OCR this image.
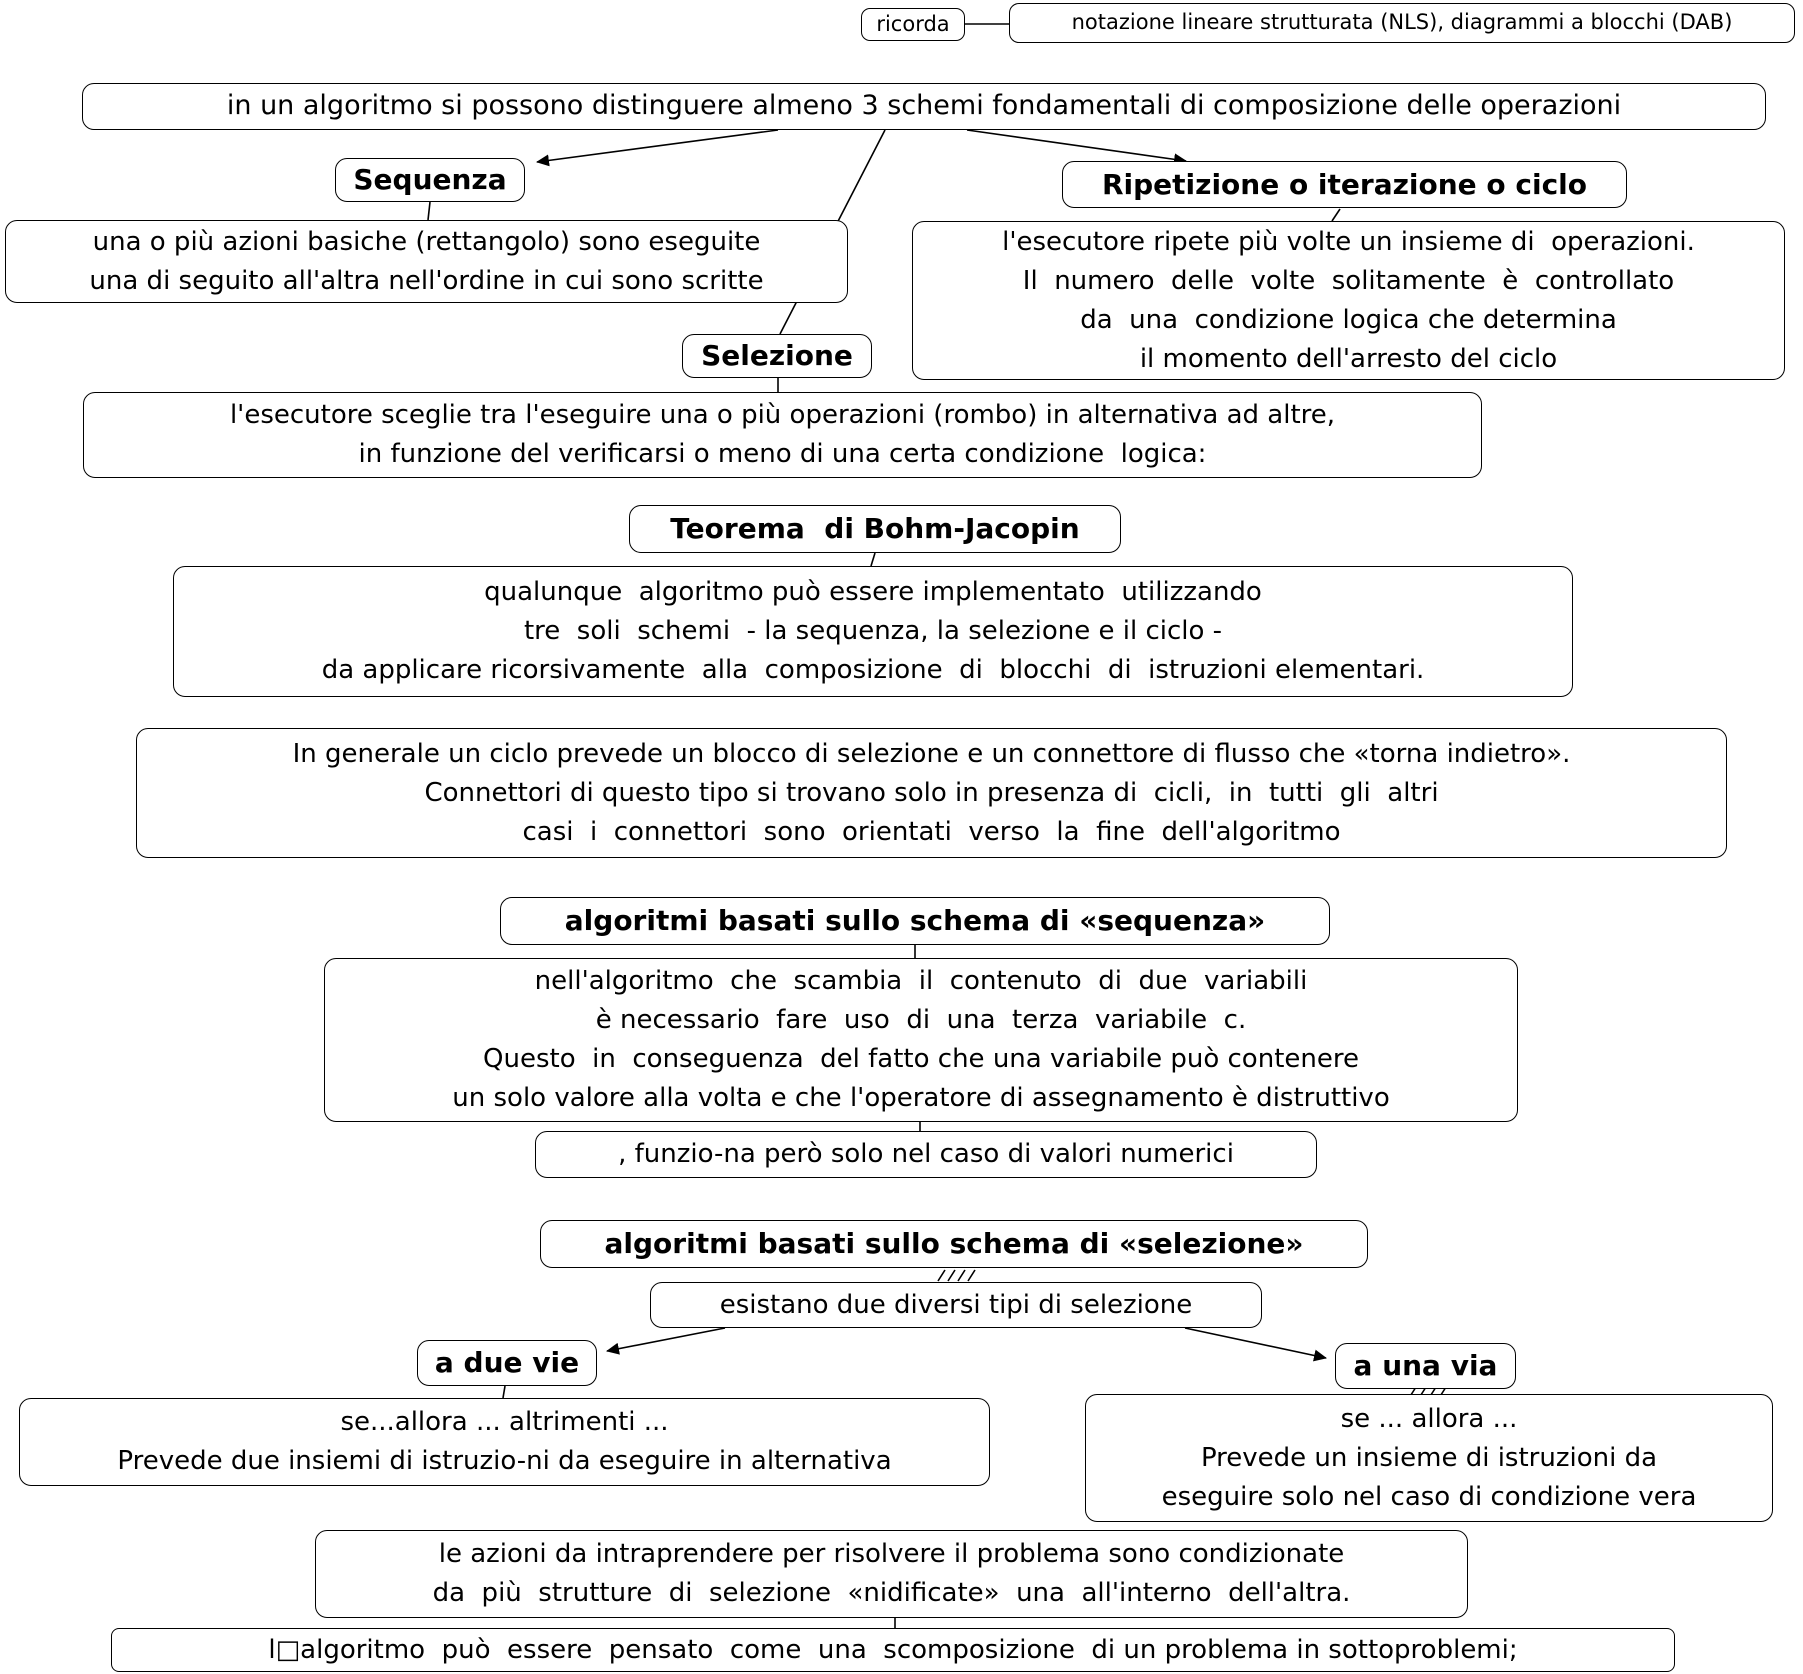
ricorda	notazione lineare strutturata (NLS), diagrammi a blocchi (DAB)
in un algoritmo si possono distinguere almeno 3 schemi fondamentali di composizione delle operazioni
Sequenza	Ripetizione o iterazione o ciclo
una o più azioni basiche (rettangolo) sono eseguite
una di seguito all'altra nell'ordine in cui sono scritte
l'esecutore ripete più volte un insieme di  operazioni.
Il  numero  delle  volte  solitamente  è  controllato
da  una  condizione logica che determina
il momento dell'arresto del ciclo
Selezione
l'esecutore sceglie tra l'eseguire una o più operazioni (rombo) in alternativa ad altre,
in funzione del verificarsi o meno di una certa condizione  logica:
Teorema  di Bohm-Jacopin
qualunque  algoritmo può essere implementato  utilizzando
tre  soli  schemi  - la sequenza, la selezione e il ciclo -
da applicare ricorsivamente  alla  composizione  di  blocchi  di  istruzioni elementari.
In generale un ciclo prevede un blocco di selezione e un connettore di flusso che «torna indietro».
Connettori di questo tipo si trovano solo in presenza di  cicli,  in  tutti  gli  altri
casi  i  connettori  sono  orientati  verso  la  fine  dell'algoritmo
algoritmi basati sullo schema di «sequenza»
nell'algoritmo  che  scambia  il  contenuto  di  due  variabili
è necessario  fare  uso  di  una  terza  variabile  c.
Questo  in  conseguenza  del fatto che una variabile può contenere
un solo valore alla volta e che l'operatore di assegnamento è distruttivo
, funzio-na però solo nel caso di valori numerici
algoritmi basati sullo schema di «selezione»
esistano due diversi tipi di selezione
a due vie	a una via
se...allora ... altrimenti ...
Prevede due insiemi di istruzio-ni da eseguire in alternativa
se ... allora ...
Prevede un insieme di istruzioni da
eseguire solo nel caso di condizione vera
le azioni da intraprendere per risolvere il problema sono condizionate
da  più  strutture  di  selezione  «nidificate»  una  all'interno  dell'altra.
l□algoritmo  può  essere  pensato  come  una  scomposizione  di un problema in sottoproblemi;
